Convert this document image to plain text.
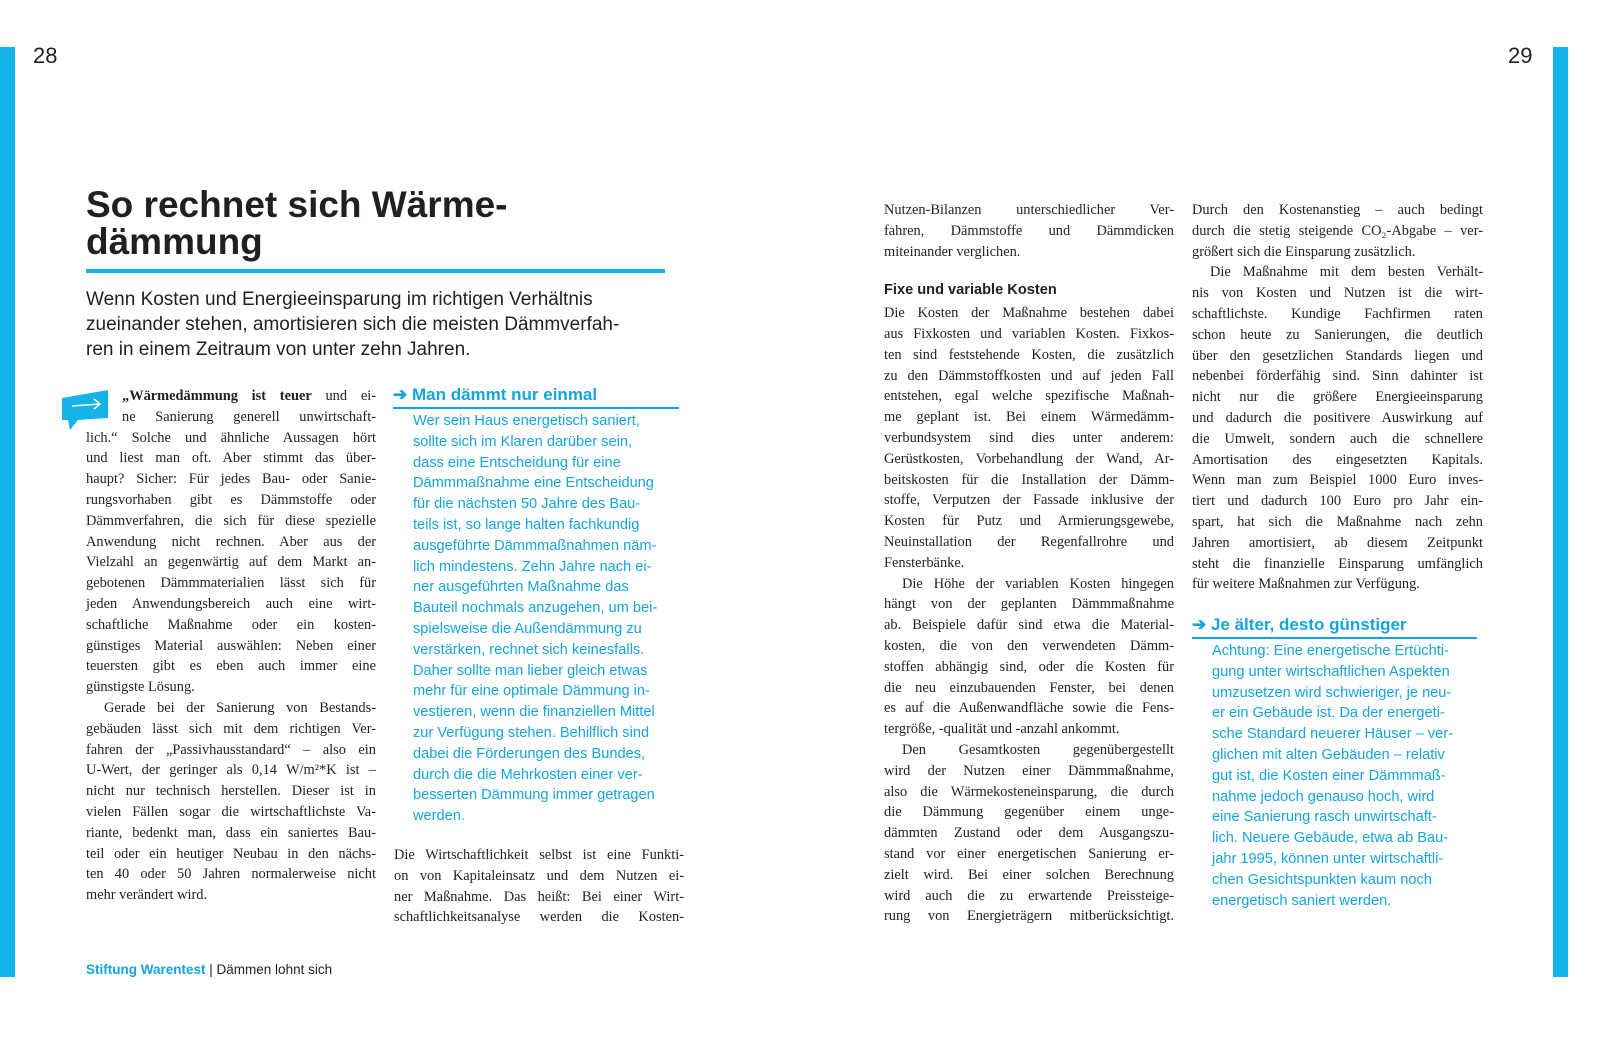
28	29
So rechnet sich Wärme-
dämmung
Wenn Kosten und Energieeinsparung im richtigen Verhältnis
zueinander stehen, amortisieren sich die meisten Dämmverfah-
ren in einem Zeitraum von unter zehn Jahren.
„Wärmedämmung ist teuer und ei-
ne Sanierung generell unwirtschaft-
lich.“ Solche und ähnliche Aussagen hört
und liest man oft. Aber stimmt das über-
haupt? Sicher: Für jedes Bau- oder Sanie-
rungsvorhaben gibt es Dämmstoffe oder
Dämmverfahren, die sich für diese spezielle
Anwendung nicht rechnen. Aber aus der
Vielzahl an gegenwärtig auf dem Markt an-
gebotenen Dämmmaterialien lässt sich für
jeden Anwendungsbereich auch eine wirt-
schaftliche Maßnahme oder ein kosten-
günstiges Material auswählen: Neben einer
teuersten gibt es eben auch immer eine
günstigste Lösung.
Gerade bei der Sanierung von Bestands-
gebäuden lässt sich mit dem richtigen Ver-
fahren der „Passivhausstandard“ – also ein
U-Wert, der geringer als 0,14 W/m²*K ist –
nicht nur technisch herstellen. Dieser ist in
vielen Fällen sogar die wirtschaftlichste Va-
riante, bedenkt man, dass ein saniertes Bau-
teil oder ein heutiger Neubau in den nächs-
ten 40 oder 50 Jahren normalerweise nicht
mehr verändert wird.
➔ Man dämmt nur einmal
Wer sein Haus energetisch saniert,
sollte sich im Klaren darüber sein,
dass eine Entscheidung für eine
Dämmmaßnahme eine Entscheidung
für die nächsten 50 Jahre des Bau-
teils ist, so lange halten fachkundig
ausgeführte Dämmmaßnahmen näm-
lich mindestens. Zehn Jahre nach ei-
ner ausgeführten Maßnahme das
Bauteil nochmals anzugehen, um bei-
spielsweise die Außendämmung zu
verstärken, rechnet sich keinesfalls.
Daher sollte man lieber gleich etwas
mehr für eine optimale Dämmung in-
vestieren, wenn die finanziellen Mittel
zur Verfügung stehen. Behilflich sind
dabei die Förderungen des Bundes,
durch die die Mehrkosten einer ver-
besserten Dämmung immer getragen
werden.
Die Wirtschaftlichkeit selbst ist eine Funkti-
on von Kapitaleinsatz und dem Nutzen ei-
ner Maßnahme. Das heißt: Bei einer Wirt-
schaftlichkeitsanalyse werden die Kosten-
Nutzen-Bilanzen unterschiedlicher Ver-
fahren, Dämmstoffe und Dämmdicken
miteinander verglichen.
Fixe und variable Kosten
Die Kosten der Maßnahme bestehen dabei
aus Fixkosten und variablen Kosten. Fixkos-
ten sind feststehende Kosten, die zusätzlich
zu den Dämmstoffkosten und auf jeden Fall
entstehen, egal welche spezifische Maßnah-
me geplant ist. Bei einem Wärmedämm-
verbundsystem sind dies unter anderem:
Gerüstkosten, Vorbehandlung der Wand, Ar-
beitskosten für die Installation der Dämm-
stoffe, Verputzen der Fassade inklusive der
Kosten für Putz und Armierungsgewebe,
Neuinstallation der Regenfallrohre und
Fensterbänke.
Die Höhe der variablen Kosten hingegen
hängt von der geplanten Dämmmaßnahme
ab. Beispiele dafür sind etwa die Material-
kosten, die von den verwendeten Dämm-
stoffen abhängig sind, oder die Kosten für
die neu einzubauenden Fenster, bei denen
es auf die Außenwandfläche sowie die Fens-
tergröße, -qualität und -anzahl ankommt.
Den Gesamtkosten gegenübergestellt
wird der Nutzen einer Dämmmaßnahme,
also die Wärmekosteneinsparung, die durch
die Dämmung gegenüber einem unge-
dämmten Zustand oder dem Ausgangszu-
stand vor einer energetischen Sanierung er-
zielt wird. Bei einer solchen Berechnung
wird auch die zu erwartende Preissteige-
rung von Energieträgern mitberücksichtigt.
Durch den Kostenanstieg – auch bedingt
durch die stetig steigende CO₂-Abgabe – ver-
größert sich die Einsparung zusätzlich.
Die Maßnahme mit dem besten Verhält-
nis von Kosten und Nutzen ist die wirt-
schaftlichste. Kundige Fachfirmen raten
schon heute zu Sanierungen, die deutlich
über den gesetzlichen Standards liegen und
nebenbei förderfähig sind. Sinn dahinter ist
nicht nur die größere Energieeinsparung
und dadurch die positivere Auswirkung auf
die Umwelt, sondern auch die schnellere
Amortisation des eingesetzten Kapitals.
Wenn man zum Beispiel 1000 Euro inves-
tiert und dadurch 100 Euro pro Jahr ein-
spart, hat sich die Maßnahme nach zehn
Jahren amortisiert, ab diesem Zeitpunkt
steht die finanzielle Einsparung umfänglich
für weitere Maßnahmen zur Verfügung.
➔ Je älter, desto günstiger
Achtung: Eine energetische Ertüchti-
gung unter wirtschaftlichen Aspekten
umzusetzen wird schwieriger, je neu-
er ein Gebäude ist. Da der energeti-
sche Standard neuerer Häuser – ver-
glichen mit alten Gebäuden – relativ
gut ist, die Kosten einer Dämmmaß-
nahme jedoch genauso hoch, wird
eine Sanierung rasch unwirtschaft-
lich. Neuere Gebäude, etwa ab Bau-
jahr 1995, können unter wirtschaftli-
chen Gesichtspunkten kaum noch
energetisch saniert werden.
Stiftung Warentest | Dämmen lohnt sich
